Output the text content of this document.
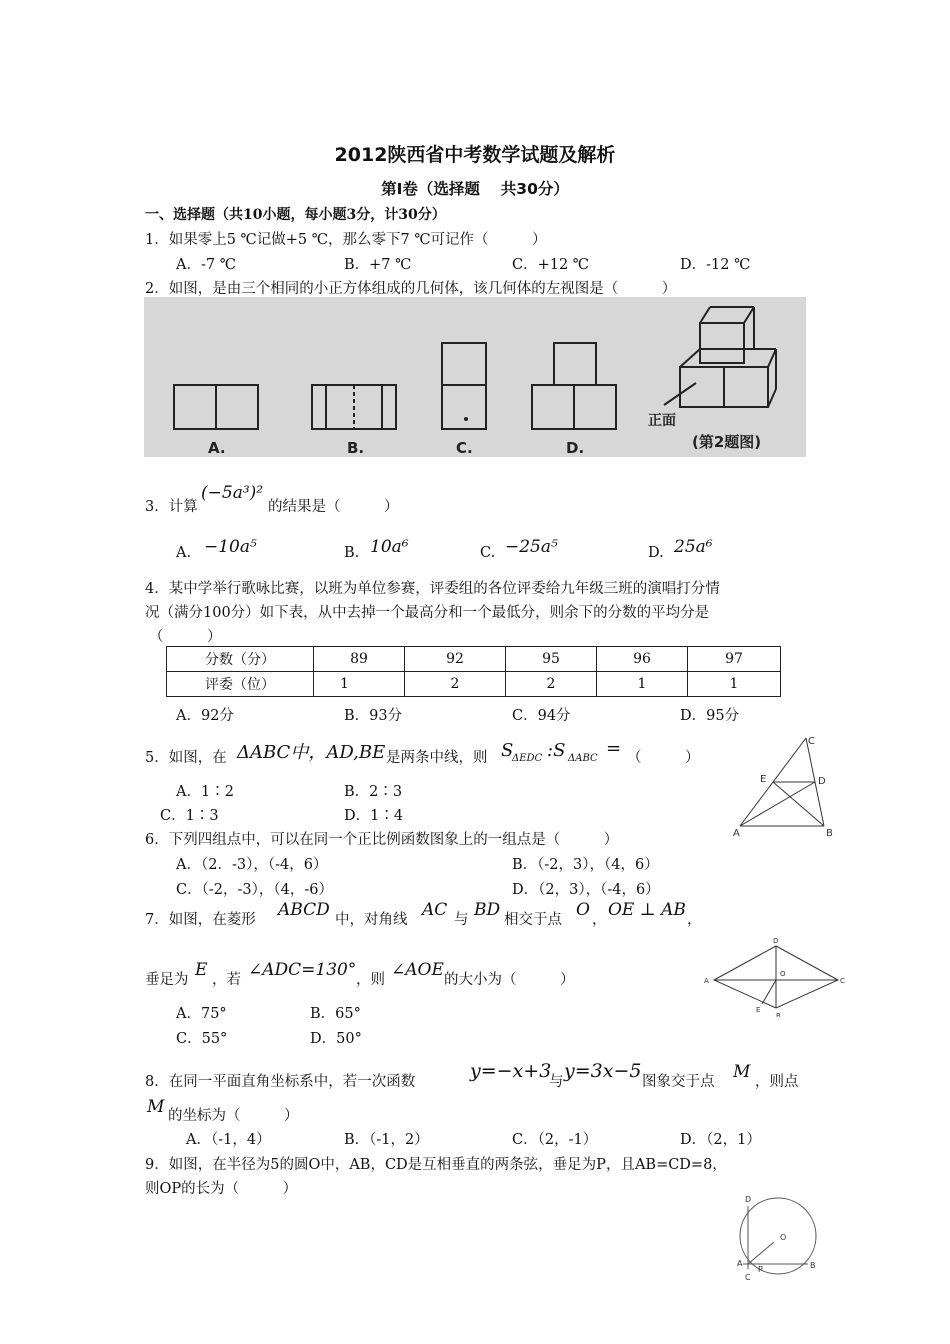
2012陕西省中考数学试题及解析
第Ⅰ卷（选择题　 共30分）
一、选择题（共10小题，每小题3分，计30分）
1．如果零上5 ℃记做+5 ℃，那么零下7 ℃可记作（　　　）
A．-7 ℃	B．+7 ℃	C．+12 ℃	D．-12 ℃
2．如图，是由三个相同的小正方体组成的几何体，该几何体的左视图是（　　　）
A.	B.	C.	D.
正面
(第2题图)
3．计算
(−5a³)²
的结果是（　　　）
A. −10a⁵	B. 10a⁶	C. −25a⁵	D. 25a⁶
4．某中学举行歌咏比赛，以班为单位参赛，评委组的各位评委给九年级三班的演唱打分情
况（满分100分）如下表，从中去掉一个最高分和一个最低分，则余下的分数的平均分是
（　　　）
分数（分）	89	92	95	96	97
评委（位）	1	2	2	1	1
A．92分	B．93分	C．94分	D．95分
5．如图，在 ΔABC中，AD,BE 是两条中线，则 S
ΔEDC :S ΔABC = （　　　）
A．1∶2	B．2∶3
C．1∶3	D．1∶4
A	B
C
D
E
6．下列四组点中，可以在同一个正比例函数图象上的一组点是（　　　）
A．（2．-3），（-4，6）	B．（-2，3），（4，6）
C．（-2，-3），（4，-6）	D．（2，3），（-4，6）
7．如图，在菱形 ABCD 中，对角线 AC 与 BD 相交于点 O ， OE ⊥ AB ，
垂足为 E ，若 ∠ADC=130° ，则 ∠AOE 的大小为（　　　）
A．75°	B．65°
C．55°	D．50°
A
B
C
D
O
E
8．在同一平面直角坐标系中，若一次函数	y=−x+3
与 y=3x−5 图象交于点 M ，则点
M 的坐标为（　　　）
A．（-1，4）	B．（-1，2）	C．（2，-1）	D．（2，1）
9．如图，在半径为5的圆O中，AB，CD是互相垂直的两条弦，垂足为P，且AB=CD=8，
则OP的长为（　　　）
D
O
A
P	B
C
